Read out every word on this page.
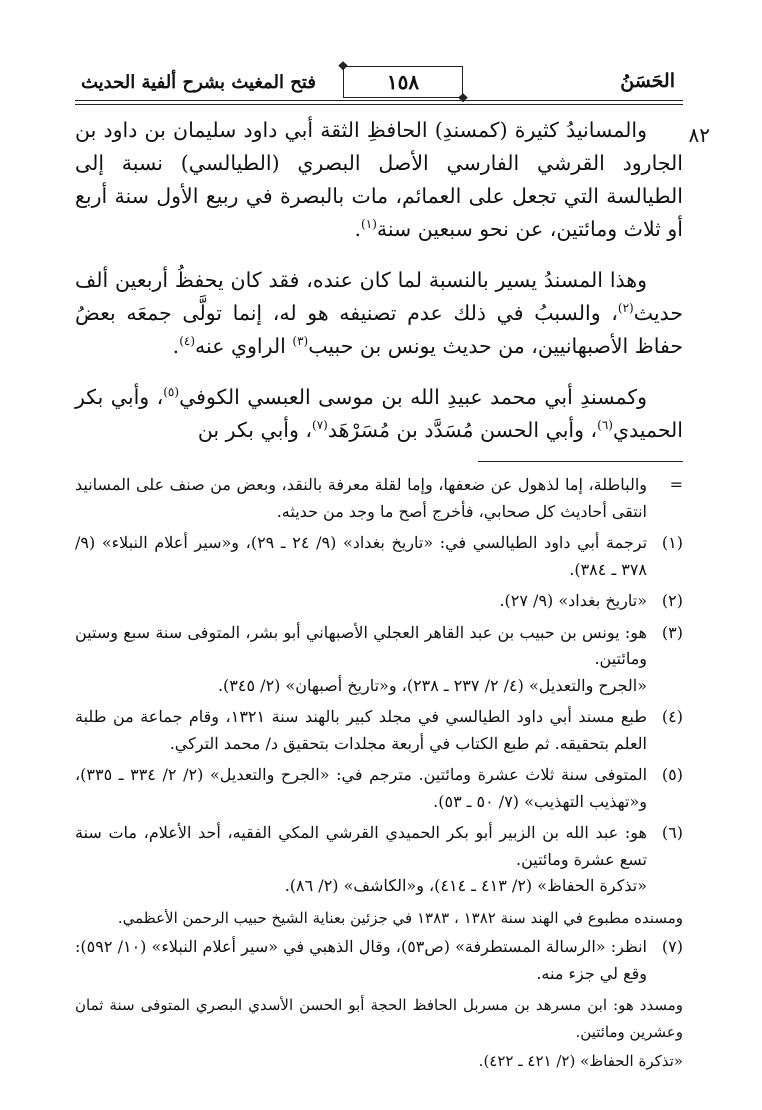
الحَسَنُ
❖
١٥٨
❖
فتح المغيث بشرح ألفية الحديث
٨٢

والمسانيدُ كثيرة (كمسندِ) الحافظِ الثقة أبي داود سليمان بن داود بن الجارود القرشي الفارسي الأصل البصري (الطيالسي) نسبة إلى الطيالسة التي تجعل على العمائم، مات بالبصرة في ربيع الأول سنة أربع أو ثلاث ومائتين، عن نحو سبعين سنة$^{(١)}$.

وهذا المسندُ يسير بالنسبة لما كان عنده، فقد كان يحفظُ أربعين ألف حديث$^{(٢)}$، والسببُ في ذلك عدم تصنيفه هو له، إنما تولَّى جمعَه بعضُ حفاظ الأصبهانيين، من حديث يونس بن حبيب$^{(٣)}$ الراوي عنه$^{(٤)}$.

وكمسندِ أبي محمد عبيدِ الله بن موسى العبسي الكوفي$^{(٥)}$، وأبي بكر الحميدي$^{(٦)}$، وأبي الحسن مُسَدَّد بن مُسَرْهَد$^{(٧)}$، وأبي بكر بن

=
والباطلة، إما لذهول عن ضعفها، وإما لقلة معرفة بالنقد، وبعض من صنف على المسانيد انتقى أحاديث كل صحابي، فأخرج أصح ما وجد من حديثه.
(١)
ترجمة أبي داود الطيالسي في: «تاريخ بغداد» (٩/ ٢٤ ـ ٢٩)، و«سير أعلام النبلاء» (٩/ ٣٧٨ ـ ٣٨٤).
(٢)
«تاريخ بغداد» (٩/ ٢٧).
(٣)
هو: يونس بن حبيب بن عبد القاهر العجلي الأصبهاني أبو بشر، المتوفى سنة سبع وستين ومائتين.
«الجرح والتعديل» (٤/ ٢/ ٢٣٧ ـ ٢٣٨)، و«تاريخ أصبهان» (٢/ ٣٤٥).
(٤)
طبع مسند أبي داود الطيالسي في مجلد كبير بالهند سنة ١٣٢١، وقام جماعة من طلبة العلم بتحقيقه. ثم طبع الكتاب في أربعة مجلدات بتحقيق د/ محمد التركي.
(٥)
المتوفى سنة ثلاث عشرة ومائتين. مترجم في: «الجرح والتعديل» (٢/ ٢/ ٣٣٤ ـ ٣٣٥)، و«تهذيب التهذيب» (٧/ ٥٠ ـ ٥٣).
(٦)
هو: عبد الله بن الزبير أبو بكر الحميدي القرشي المكي الفقيه، أحد الأعلام، مات سنة تسع عشرة ومائتين.
«تذكرة الحفاظ» (٢/ ٤١٣ ـ ٤١٤)، و«الكاشف» (٢/ ٨٦).
ومسنده مطبوع في الهند سنة ١٣٨٢ ، ١٣٨٣ في جزئين بعناية الشيخ حبيب الرحمن الأعظمي.
(٧)
انظر: «الرسالة المستطرفة» (ص٥٣)، وقال الذهبي في «سير أعلام النبلاء» (١٠/ ٥٩٢): وقع لي جزء منه.
ومسدد هو: ابن مسرهد بن مسربل الحافظ الحجة أبو الحسن الأسدي البصري المتوفى سنة ثمان وعشرين ومائتين.
«تذكرة الحفاظ» (٢/ ٤٢١ ـ ٤٢٢).
